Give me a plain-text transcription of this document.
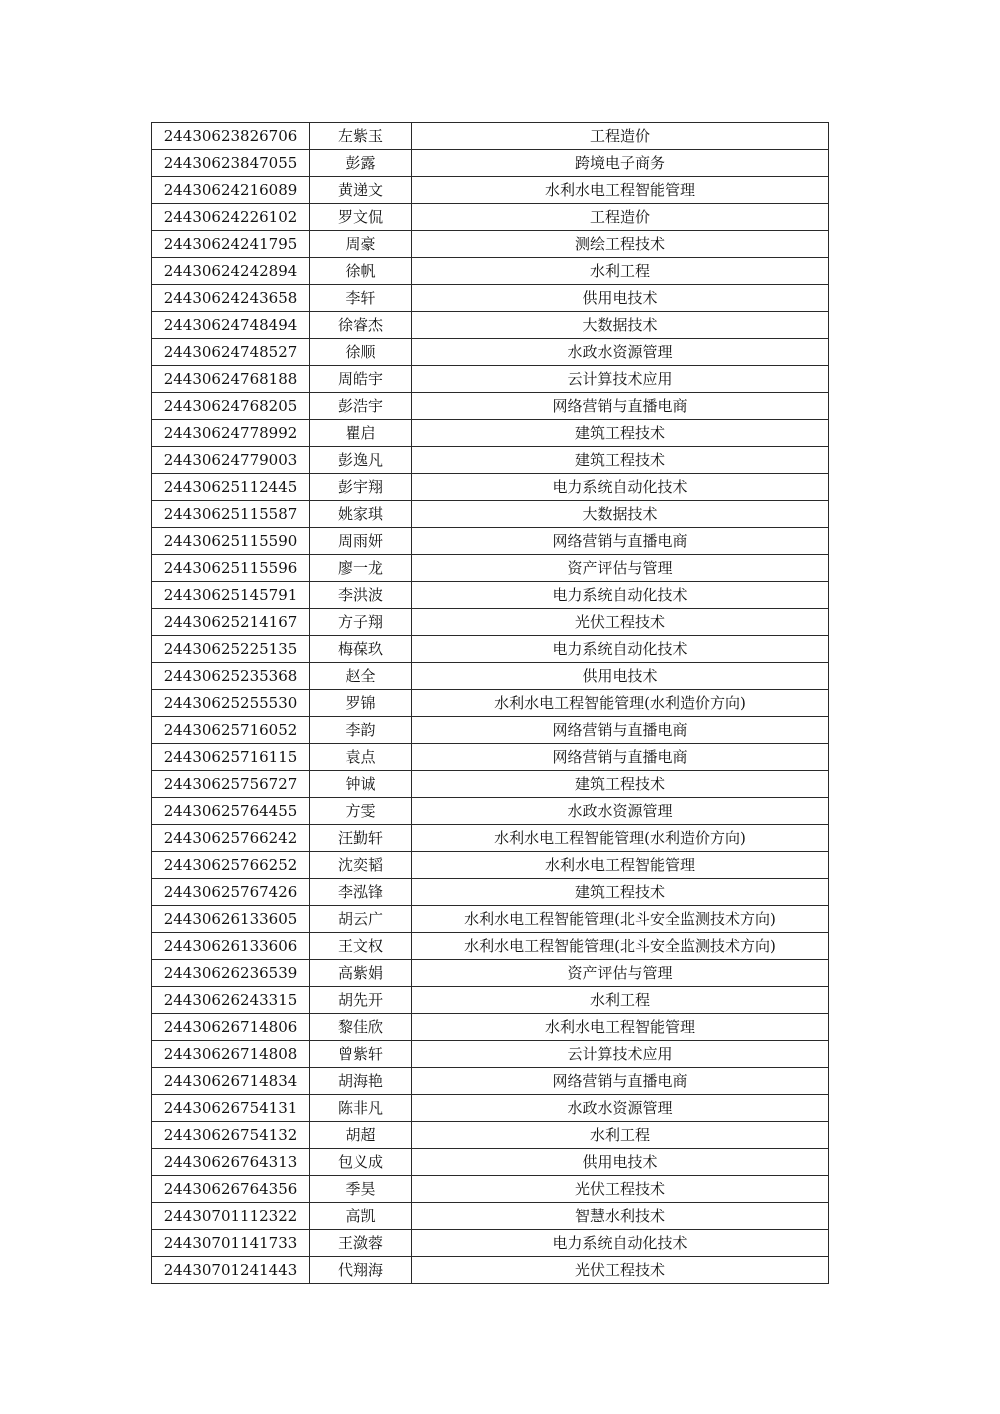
24430623826706	左紫玉	工程造价
24430623847055	彭露	跨境电子商务
24430624216089	黄递文	水利水电工程智能管理
24430624226102	罗文侃	工程造价
24430624241795	周豪	测绘工程技术
24430624242894	徐帆	水利工程
24430624243658	李轩	供用电技术
24430624748494	徐睿杰	大数据技术
24430624748527	徐顺	水政水资源管理
24430624768188	周皓宇	云计算技术应用
24430624768205	彭浩宇	网络营销与直播电商
24430624778992	瞿启	建筑工程技术
24430624779003	彭逸凡	建筑工程技术
24430625112445	彭宇翔	电力系统自动化技术
24430625115587	姚家琪	大数据技术
24430625115590	周雨妍	网络营销与直播电商
24430625115596	廖一龙	资产评估与管理
24430625145791	李洪波	电力系统自动化技术
24430625214167	方子翔	光伏工程技术
24430625225135	梅葆玖	电力系统自动化技术
24430625235368	赵全	供用电技术
24430625255530	罗锦	水利水电工程智能管理(水利造价方向)
24430625716052	李韵	网络营销与直播电商
24430625716115	袁点	网络营销与直播电商
24430625756727	钟诚	建筑工程技术
24430625764455	方雯	水政水资源管理
24430625766242	汪勤轩	水利水电工程智能管理(水利造价方向)
24430625766252	沈奕韬	水利水电工程智能管理
24430625767426	李泓锋	建筑工程技术
24430626133605	胡云广	水利水电工程智能管理(北斗安全监测技术方向)
24430626133606	王文权	水利水电工程智能管理(北斗安全监测技术方向)
24430626236539	高紫娟	资产评估与管理
24430626243315	胡先开	水利工程
24430626714806	黎佳欣	水利水电工程智能管理
24430626714808	曾紫轩	云计算技术应用
24430626714834	胡海艳	网络营销与直播电商
24430626754131	陈非凡	水政水资源管理
24430626754132	胡超	水利工程
24430626764313	包义成	供用电技术
24430626764356	季昊	光伏工程技术
24430701112322	高凯	智慧水利技术
24430701141733	王潋蓉	电力系统自动化技术
24430701241443	代翔海	光伏工程技术
